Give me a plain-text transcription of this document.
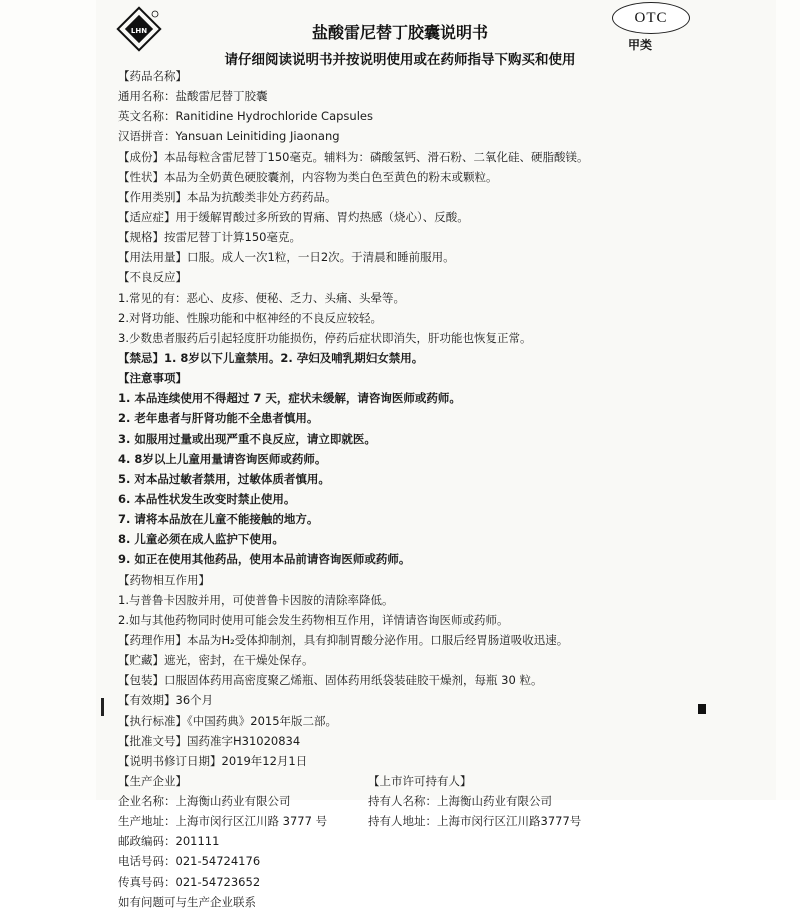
LHN	盐酸雷尼替丁胶囊说明书
OTC
甲类
请仔细阅读说明书并按说明使用或在药师指导下购买和使用
【药品名称】
通用名称：盐酸雷尼替丁胶囊
英文名称：Ranitidine Hydrochloride Capsules
汉语拼音：Yansuan Leinitiding Jiaonang
【成份】本品每粒含雷尼替丁150毫克。辅料为：磷酸氢钙、滑石粉、二氧化硅、硬脂酸镁。
【性状】本品为全奶黄色硬胶囊剂，内容物为类白色至黄色的粉末或颗粒。
【作用类别】本品为抗酸类非处方药药品。
【适应症】用于缓解胃酸过多所致的胃痛、胃灼热感（烧心）、反酸。
【规格】按雷尼替丁计算150毫克。
【用法用量】口服。成人一次1粒，一日2次。于清晨和睡前服用。
【不良反应】
1.常见的有：恶心、皮疹、便秘、乏力、头痛、头晕等。
2.对肾功能、性腺功能和中枢神经的不良反应较轻。
3.少数患者服药后引起轻度肝功能损伤，停药后症状即消失，肝功能也恢复正常。
【禁忌】1. 8岁以下儿童禁用。2. 孕妇及哺乳期妇女禁用。
【注意事项】
1. 本品连续使用不得超过 7 天，症状未缓解，请咨询医师或药师。
2. 老年患者与肝肾功能不全患者慎用。
3. 如服用过量或出现严重不良反应，请立即就医。
4. 8岁以上儿童用量请咨询医师或药师。
5. 对本品过敏者禁用，过敏体质者慎用。
6. 本品性状发生改变时禁止使用。
7. 请将本品放在儿童不能接触的地方。
8. 儿童必须在成人监护下使用。
9. 如正在使用其他药品，使用本品前请咨询医师或药师。
【药物相互作用】
1.与普鲁卡因胺并用，可使普鲁卡因胺的清除率降低。
2.如与其他药物同时使用可能会发生药物相互作用，详情请咨询医师或药师。
【药理作用】本品为H₂受体抑制剂，具有抑制胃酸分泌作用。口服后经胃肠道吸收迅速。
【贮藏】遮光，密封，在干燥处保存。
【包装】口服固体药用高密度聚乙烯瓶、固体药用纸袋装硅胶干燥剂，每瓶 30 粒。
【有效期】36个月
【执行标准】《中国药典》2015年版二部。
【批准文号】国药准字H31020834
【说明书修订日期】2019年12月1日
【生产企业】	【上市许可持有人】
企业名称：上海衡山药业有限公司	持有人名称：上海衡山药业有限公司
生产地址：上海市闵行区江川路 3777 号	持有人地址：上海市闵行区江川路3777号
邮政编码：201111
电话号码：021-54724176
传真号码：021-54723652
如有问题可与生产企业联系
